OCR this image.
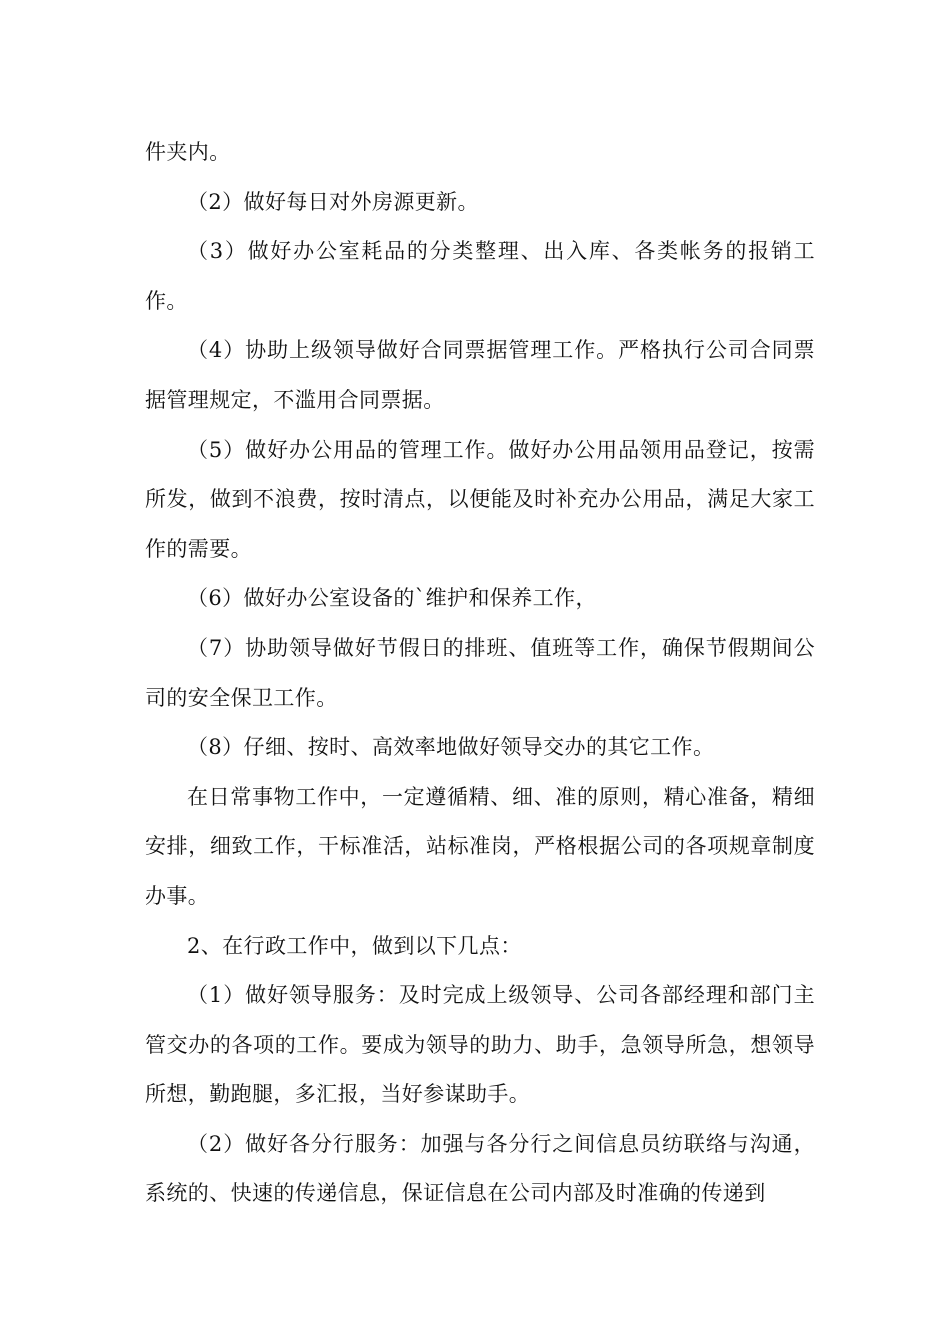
件夹内。

（2）做好每日对外房源更新。

（3）做好办公室耗品的分类整理、出入库、各类帐务的报销工作。

（4）协助上级领导做好合同票据管理工作。严格执行公司合同票据管理规定，不滥用合同票据。

（5）做好办公用品的管理工作。做好办公用品领用品登记，按需所发，做到不浪费，按时清点，以便能及时补充办公用品，满足大家工作的需要。

（6）做好办公室设备的`维护和保养工作，

（7）协助领导做好节假日的排班、值班等工作，确保节假期间公司的安全保卫工作。

（8）仔细、按时、高效率地做好领导交办的其它工作。

在日常事物工作中，一定遵循精、细、准的原则，精心准备，精细安排，细致工作，干标准活，站标准岗，严格根据公司的各项规章制度办事。

2、在行政工作中，做到以下几点：

（1）做好领导服务：及时完成上级领导、公司各部经理和部门主管交办的各项的工作。要成为领导的助力、助手，急领导所急，想领导所想，勤跑腿，多汇报，当好参谋助手。

（2）做好各分行服务：加强与各分行之间信息员纺联络与沟通，系统的、快速的传递信息，保证信息在公司内部及时准确的传递到
